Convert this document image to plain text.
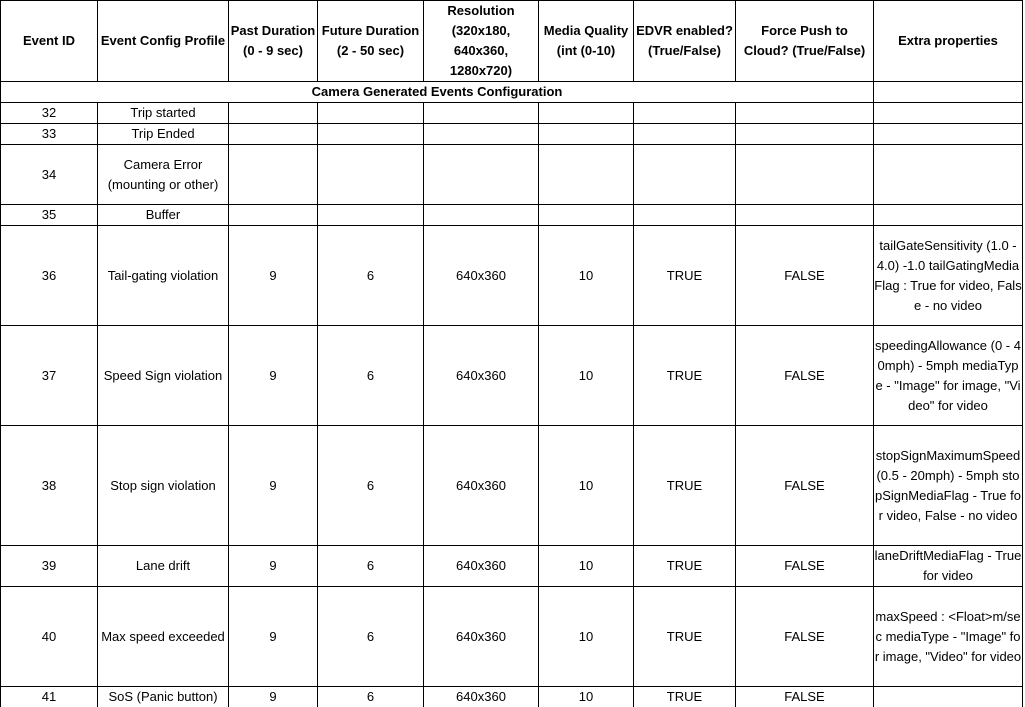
Event ID	Event Config Profile	Past Duration (0 - 9 sec)	Future Duration (2 - 50 sec)	Resolution (320x180, 640x360, 1280x720)	Media Quality (int (0-10)	EDVR enabled? (True/False)	Force Push to Cloud? (True/False)	Extra properties
Camera Generated Events Configuration								
32	Trip started							
33	Trip Ended							
34	Camera Error (mounting or other)							
35	Buffer							
36	Tail-gating violation	9	6	640x360	10	TRUE	FALSE	tailGateSensitivity (1.0 - 4.0) -1.0 tailGatingMediaFlag : True for video, False - no video
37	Speed Sign violation	9	6	640x360	10	TRUE	FALSE	speedingAllowance (0 - 40mph) - 5mph mediaType - "Image" for image, "Video" for video
38	Stop sign violation	9	6	640x360	10	TRUE	FALSE	stopSignMaximumSpeed (0.5 - 20mph) - 5mph stopSignMediaFlag - True for video, False - no video
39	Lane drift	9	6	640x360	10	TRUE	FALSE	laneDriftMediaFlag - True for video
40	Max speed exceeded	9	6	640x360	10	TRUE	FALSE	maxSpeed : <Float>m/sec mediaType - "Image" for image, "Video" for video
41	SoS (Panic button)	9	6	640x360	10	TRUE	FALSE	
